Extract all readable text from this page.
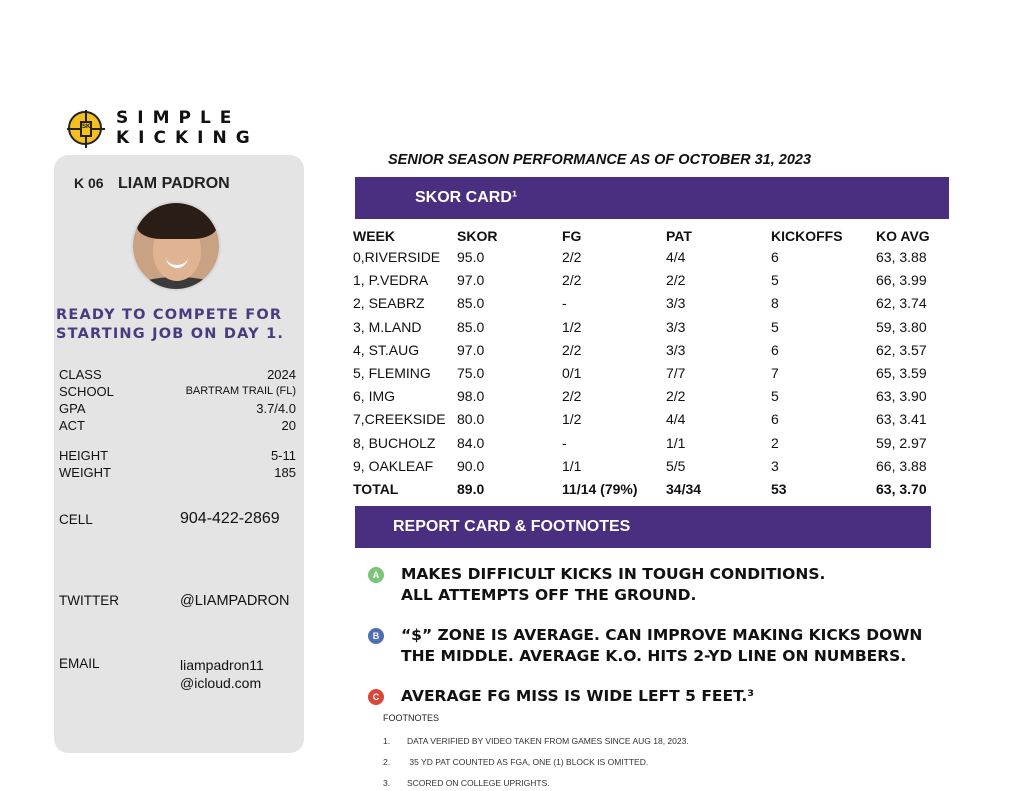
SK SIMPLE
KICKING
K 06 LIAM PADRON
READY TO COMPETE FOR
STARTING JOB ON DAY 1.
CLASS	2024
SCHOOL	BARTRAM TRAIL (FL)
GPA	3.7/4.0
ACT	20
HEIGHT	5-11
WEIGHT	185
CELL	904-422-2869
TWITTER	@LIAMPADRON
EMAIL	liampadron11
@icloud.com
SENIOR SEASON PERFORMANCE AS OF OCTOBER 31, 2023
SKOR CARD¹
WEEK	SKOR	FG	PAT	KICKOFFS	KO AVG
0,RIVERSIDE	95.0	2/2	4/4	6	63, 3.88
1, P.VEDRA	97.0	2/2	2/2	5	66, 3.99
2, SEABRZ	85.0	-	3/3	8	62, 3.74
3, M.LAND	85.0	1/2	3/3	5	59, 3.80
4, ST.AUG	97.0	2/2	3/3	6	62, 3.57
5, FLEMING	75.0	0/1	7/7	7	65, 3.59
6, IMG	98.0	2/2	2/2	5	63, 3.90
7,CREEKSIDE	80.0	1/2	4/4	6	63, 3.41
8, BUCHOLZ	84.0	-	1/1	2	59, 2.97
9, OAKLEAF	90.0	1/1	5/5	3	66, 3.88
TOTAL	89.0	11/14 (79%)	34/34	53	63, 3.70
REPORT CARD & FOOTNOTES
A	MAKES DIFFICULT KICKS IN TOUGH CONDITIONS.
ALL ATTEMPTS OFF THE GROUND.
B	“$” ZONE IS AVERAGE. CAN IMPROVE MAKING KICKS DOWN
THE MIDDLE. AVERAGE K.O. HITS 2-YD LINE ON NUMBERS.
C	AVERAGE FG MISS IS WIDE LEFT 5 FEET.³
FOOTNOTES
1. DATA VERIFIED BY VIDEO TAKEN FROM GAMES SINCE AUG 18, 2023.
2. 35 YD PAT COUNTED AS FGA, ONE (1) BLOCK IS OMITTED.
3. SCORED ON COLLEGE UPRIGHTS.
